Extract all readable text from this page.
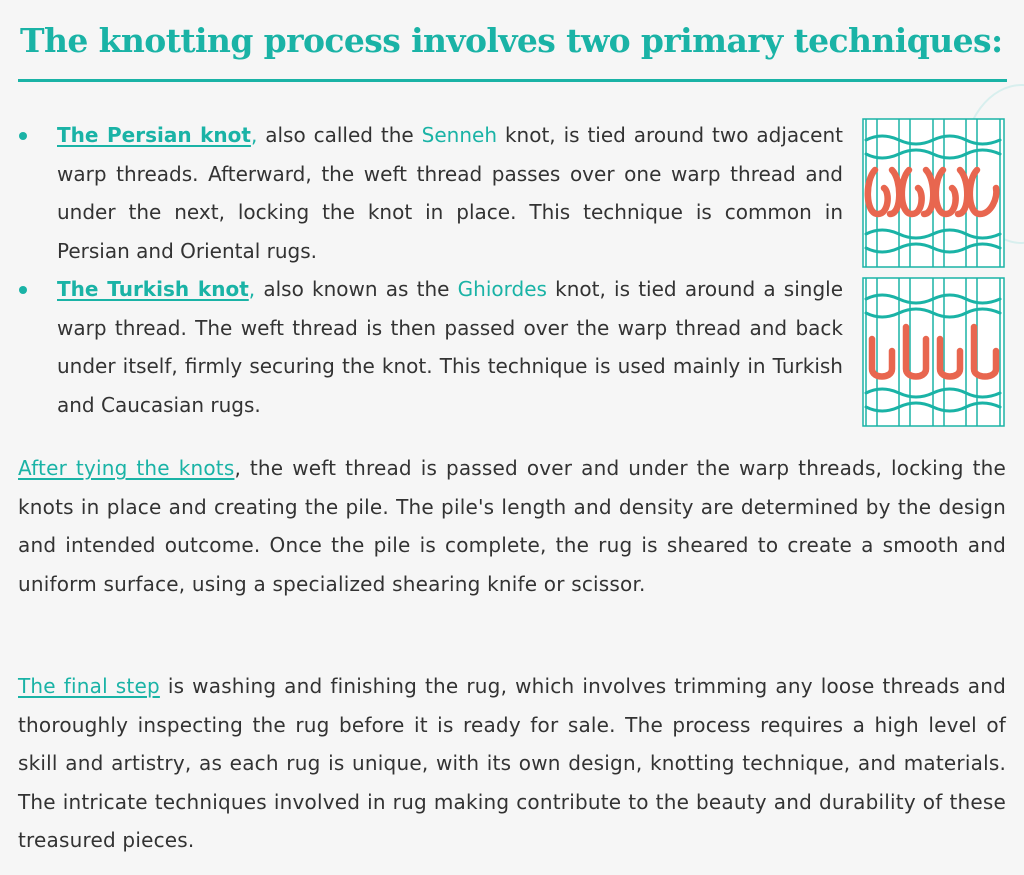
The knotting process involves two primary techniques:
The Persian knot, also called the Senneh knot, is tied around two adjacent warp threads. Afterward, the weft thread passes over one warp thread and under the next, locking the knot in place. This technique is common in Persian and Oriental rugs.
The Turkish knot, also known as the Ghiordes knot, is tied around a single warp thread. The weft thread is then passed over the warp thread and back under itself, firmly securing the knot. This technique is used mainly in Turkish and Caucasian rugs.

After tying the knots, the weft thread is passed over and under the warp threads, locking the knots in place and creating the pile. The pile's length and density are determined by the design and intended outcome. Once the pile is complete, the rug is sheared to create a smooth and uniform surface, using a specialized shearing knife or scissor.

The final step is washing and finishing the rug, which involves trimming any loose threads and thoroughly inspecting the rug before it is ready for sale. The process requires a high level of skill and artistry, as each rug is unique, with its own design, knotting technique, and materials. The intricate techniques involved in rug making contribute to the beauty and durability of these treasured pieces.
